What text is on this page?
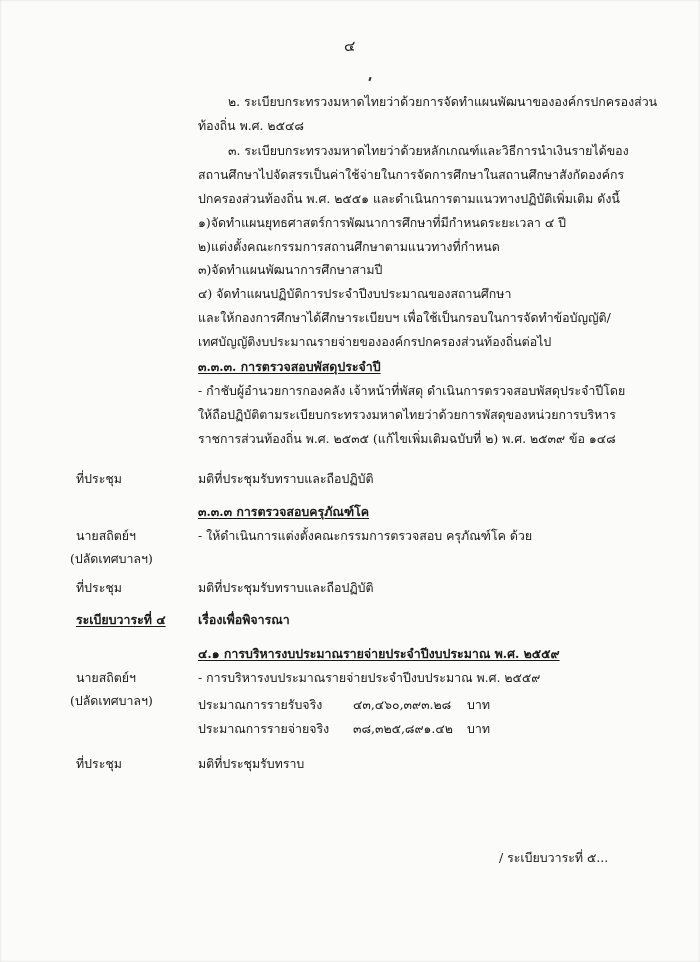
๔
๒. ระเบียบกระทรวงมหาดไทยว่าด้วยการจัดทำแผนพัฒนาขององค์กรปกครองส่วน
ท้องถิ่น พ.ศ. ๒๕๔๘
๓. ระเบียบกระทรวงมหาดไทยว่าด้วยหลักเกณฑ์และวิธีการนำเงินรายได้ของ
สถานศึกษาไปจัดสรรเป็นค่าใช้จ่ายในการจัดการศึกษาในสถานศึกษาสังกัดองค์กร
ปกครองส่วนท้องถิ่น พ.ศ. ๒๕๕๑ และดำเนินการตามแนวทางปฏิบัติเพิ่มเติม ดังนี้
๑)จัดทำแผนยุทธศาสตร์การพัฒนาการศึกษาที่มีกำหนดระยะเวลา ๔ ปี
๒)แต่งตั้งคณะกรรมการสถานศึกษาตามแนวทางที่กำหนด
๓)จัดทำแผนพัฒนาการศึกษาสามปี
๔) จัดทำแผนปฏิบัติการประจำปีงบประมาณของสถานศึกษา
และให้กองการศึกษาได้ศึกษาระเบียบฯ เพื่อใช้เป็นกรอบในการจัดทำข้อบัญญัติ/
เทศบัญญัติงบประมาณรายจ่ายขององค์กรปกครองส่วนท้องถิ่นต่อไป
๓.๓.๓. การตรวจสอบพัสดุประจำปี
- กำชับผู้อำนวยการกองคลัง เจ้าหน้าที่พัสดุ ดำเนินการตรวจสอบพัสดุประจำปีโดย
ให้ถือปฏิบัติตามระเบียบกระทรวงมหาดไทยว่าด้วยการพัสดุของหน่วยการบริหาร
ราชการส่วนท้องถิ่น พ.ศ. ๒๕๓๕ (แก้ไขเพิ่มเติมฉบับที่ ๒) พ.ศ. ๒๕๓๙ ข้อ ๑๔๘
ที่ประชุม	มติที่ประชุมรับทราบและถือปฏิบัติ
๓.๓.๓ การตรวจสอบครุภัณฑ์โค
นายสถิตย์ฯ	- ให้ดำเนินการแต่งตั้งคณะกรรมการตรวจสอบ ครุภัณฑ์โค ด้วย
(ปลัดเทศบาลฯ)
ที่ประชุม	มติที่ประชุมรับทราบและถือปฏิบัติ
ระเบียบวาระที่ ๔	เรื่องเพื่อพิจารณา
๔.๑ การบริหารงบประมาณรายจ่ายประจำปีงบประมาณ พ.ศ. ๒๕๕๙
นายสถิตย์ฯ	- การบริหารงบประมาณรายจ่ายประจำปีงบประมาณ พ.ศ. ๒๕๕๙
(ปลัดเทศบาลฯ)	ประมาณการรายรับจริง ๔๓,๔๖๐,๓๙๓.๒๘ บาท
ประมาณการรายจ่ายจริง ๓๘,๓๒๕,๘๙๑.๔๒ บาท
ที่ประชุม	มติที่ประชุมรับทราบ
/ ระเบียบวาระที่ ๕...
